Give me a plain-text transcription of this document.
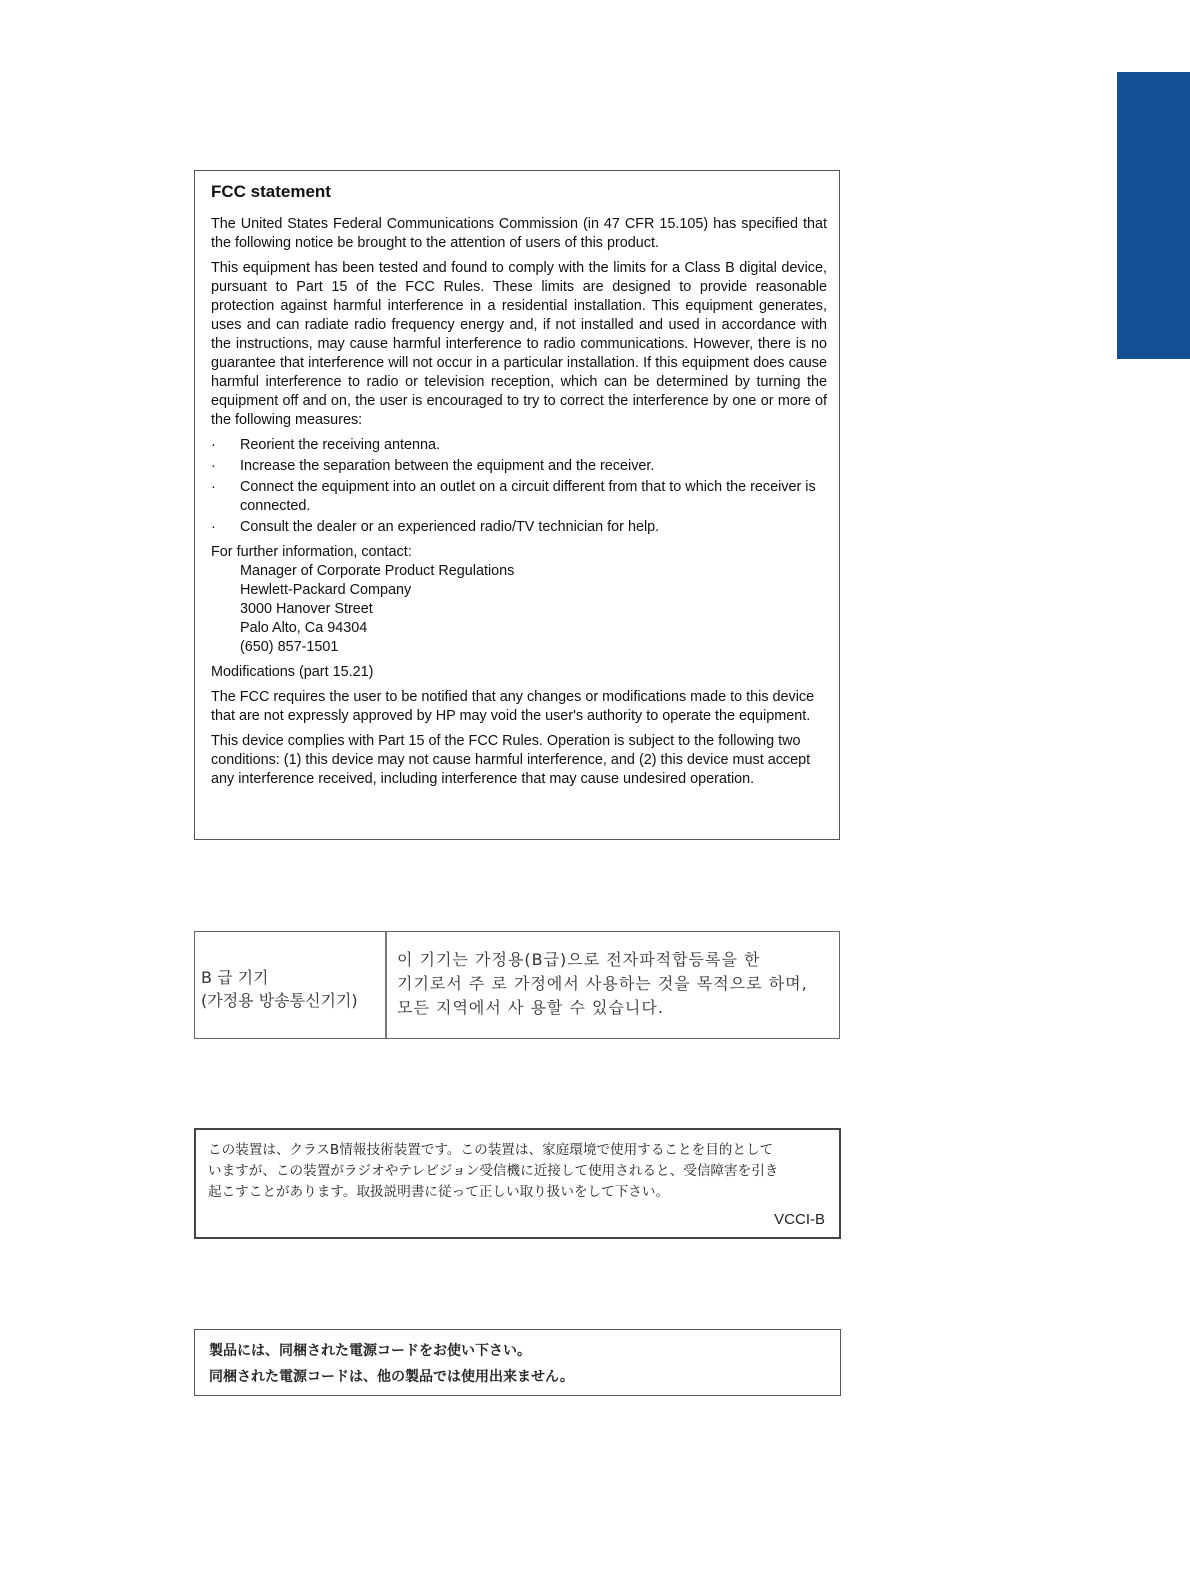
FCC statement

The United States Federal Communications Commission (in 47 CFR 15.105) has specified that the following notice be brought to the attention of users of this product.

This equipment has been tested and found to comply with the limits for a Class B digital device, pursuant to Part 15 of the FCC Rules. These limits are designed to provide reasonable protection against harmful interference in a residential installation. This equipment generates, uses and can radiate radio frequency energy and, if not installed and used in accordance with the instructions, may cause harmful interference to radio communications. However, there is no guarantee that interference will not occur in a particular installation. If this equipment does cause harmful interference to radio or television reception, which can be determined by turning the equipment off and on, the user is encouraged to try to correct the interference by one or more of the following measures:

·	Reorient the receiving antenna.
·	Increase the separation between the equipment and the receiver.
·	Connect the equipment into an outlet on a circuit different from that to which the receiver is connected.
·	Consult the dealer or an experienced radio/TV technician for help.
For further information, contact:
Manager of Corporate Product Regulations
Hewlett-Packard Company
3000 Hanover Street
Palo Alto, Ca 94304
(650) 857-1501

Modifications (part 15.21)

The FCC requires the user to be notified that any changes or modifications made to this device that are not expressly approved by HP may void the user's authority to operate the equipment.

This device complies with Part 15 of the FCC Rules. Operation is subject to the following two conditions: (1) this device may not cause harmful interference, and (2) this device must accept any interference received, including interference that may cause undesired operation.

B 급 기기
(가정용 방송통신기기)
이 기기는 가정용(B급)으로 전자파적합등록을 한
기기로서 주 로 가정에서 사용하는 것을 목적으로 하며,
모든 지역에서 사 용할 수 있습니다.
この装置は、クラスB情報技術装置です。この装置は、家庭環境で使用することを目的として
いますが、この装置がラジオやテレビジョン受信機に近接して使用されると、受信障害を引き
起こすことがあります。取扱説明書に従って正しい取り扱いをして下さい。
VCCI-B
製品には、同梱された電源コードをお使い下さい。
同梱された電源コードは、他の製品では使用出来ません。
